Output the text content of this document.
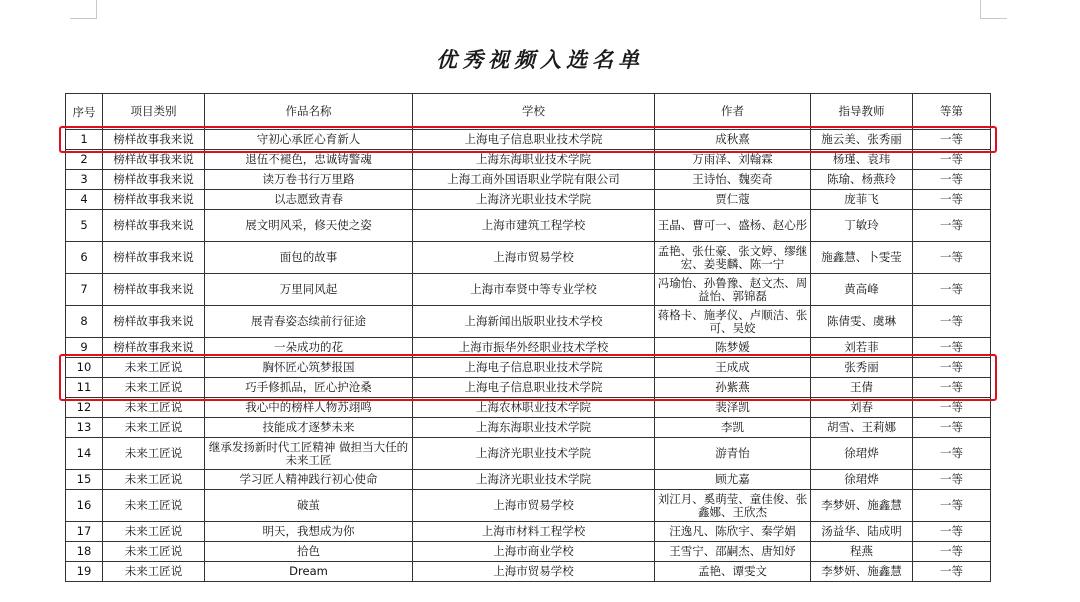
优秀视频入选名单
序号	项目类别	作品名称	学校	作者	指导教师	等第
1	榜样故事我来说	守初心承匠心育新人	上海电子信息职业技术学院	成秋熹	施云美、张秀丽	一等
2	榜样故事我来说	退伍不褪色，忠诚铸警魂	上海东海职业技术学院	万雨泽、刘翰霖	杨瑾、袁玮	一等
3	榜样故事我来说	读万卷书行万里路	上海工商外国语职业学院有限公司	王诗怡、魏奕奇	陈瑜、杨燕玲	一等
4	榜样故事我来说	以志愿致青春	上海济光职业技术学院	贾仁蔻	庞菲飞	一等
5	榜样故事我来说	展文明风采，修天使之姿	上海市建筑工程学校	王晶、曹可一、盛杨、赵心彤	丁敏玲	一等
6	榜样故事我来说	面包的故事	上海市贸易学校	孟艳、张仕豪、张文婷、缪继宏、姜斐麟、陈一宁	施鑫慧、卜雯莹	一等
7	榜样故事我来说	万里同风起	上海市奉贤中等专业学校	冯瑜怡、孙鲁豫、赵文杰、周益怡、郭锦磊	黄高峰	一等
8	榜样故事我来说	展青春姿态续前行征途	上海新闻出版职业技术学校	蒋格卡、施孝仪、卢顺洁、张可、吴姣	陈倩雯、虞琳	一等
9	榜样故事我来说	一朵成功的花	上海市振华外经职业技术学校	陈梦媛	刘若菲	一等
10	未来工匠说	胸怀匠心筑梦报国	上海电子信息职业技术学院	王成成	张秀丽	一等
11	未来工匠说	巧手修抓品，匠心护沧桑	上海电子信息职业技术学院	孙紫燕	王倩	一等
12	未来工匠说	我心中的榜样人物苏翊鸣	上海农林职业技术学院	裴泽凯	刘春	一等
13	未来工匠说	技能成才逐梦未来	上海东海职业技术学院	李凯	胡雪、王莉娜	一等
14	未来工匠说	继承发扬新时代工匠精神 做担当大任的未来工匠	上海济光职业技术学院	游青怡	徐珺烨	一等
15	未来工匠说	学习匠人精神践行初心使命	上海济光职业技术学院	顾尤嘉	徐珺烨	一等
16	未来工匠说	破茧	上海市贸易学校	刘江月、奚萌莹、童佳俊、张鑫娜、王欣杰	李梦妍、施鑫慧	一等
17	未来工匠说	明天，我想成为你	上海市材料工程学校	汪逸凡、陈欣宇、秦学娟	汤益华、陆成明	一等
18	未来工匠说	拾色	上海市商业学校	王雪宁、邵嗣杰、唐知妤	程燕	一等
19	未来工匠说	Dream	上海市贸易学校	孟艳、谭雯文	李梦妍、施鑫慧	一等
